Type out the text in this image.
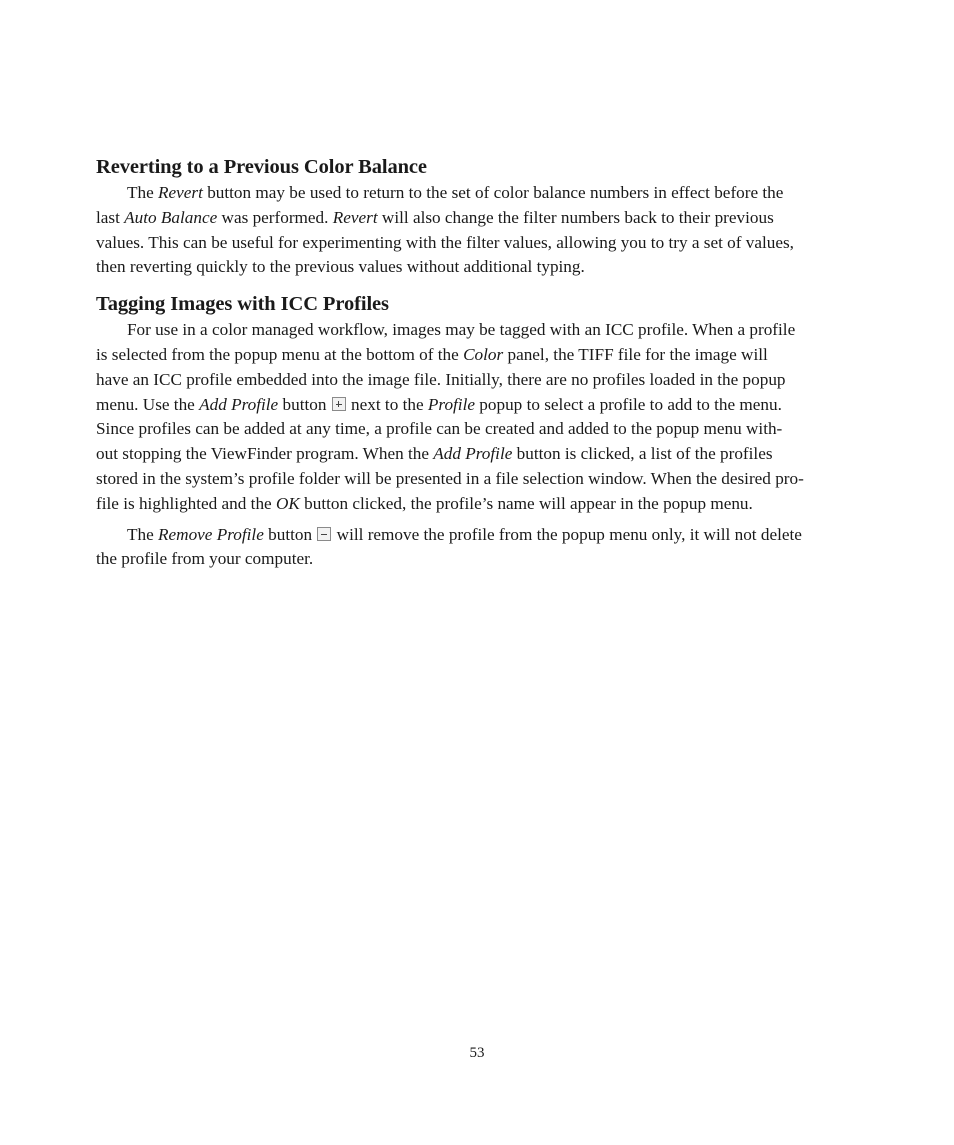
Reverting to a Previous Color Balance

The Revert button may be used to return to the set of color balance numbers in effect before the
last Auto Balance was performed. Revert will also change the filter numbers back to their previous
values. This can be useful for experimenting with the filter values, allowing you to try a set of values,
then reverting quickly to the previous values without additional typing.

Tagging Images with ICC Profiles

For use in a color managed workflow, images may be tagged with an ICC profile. When a profile
is selected from the popup menu at the bottom of the Color panel, the TIFF file for the image will
have an ICC profile embedded into the image file. Initially, there are no profiles loaded in the popup
menu. Use the Add Profile button  next to the Profile popup to select a profile to add to the menu.
Since profiles can be added at any time, a profile can be created and added to the popup menu with-
out stopping the ViewFinder program. When the Add Profile button is clicked, a list of the profiles
stored in the system’s profile folder will be presented in a file selection window. When the desired pro-
file is highlighted and the OK button clicked, the profile’s name will appear in the popup menu.

The Remove Profile button  will remove the profile from the popup menu only, it will not delete
the profile from your computer.

53
